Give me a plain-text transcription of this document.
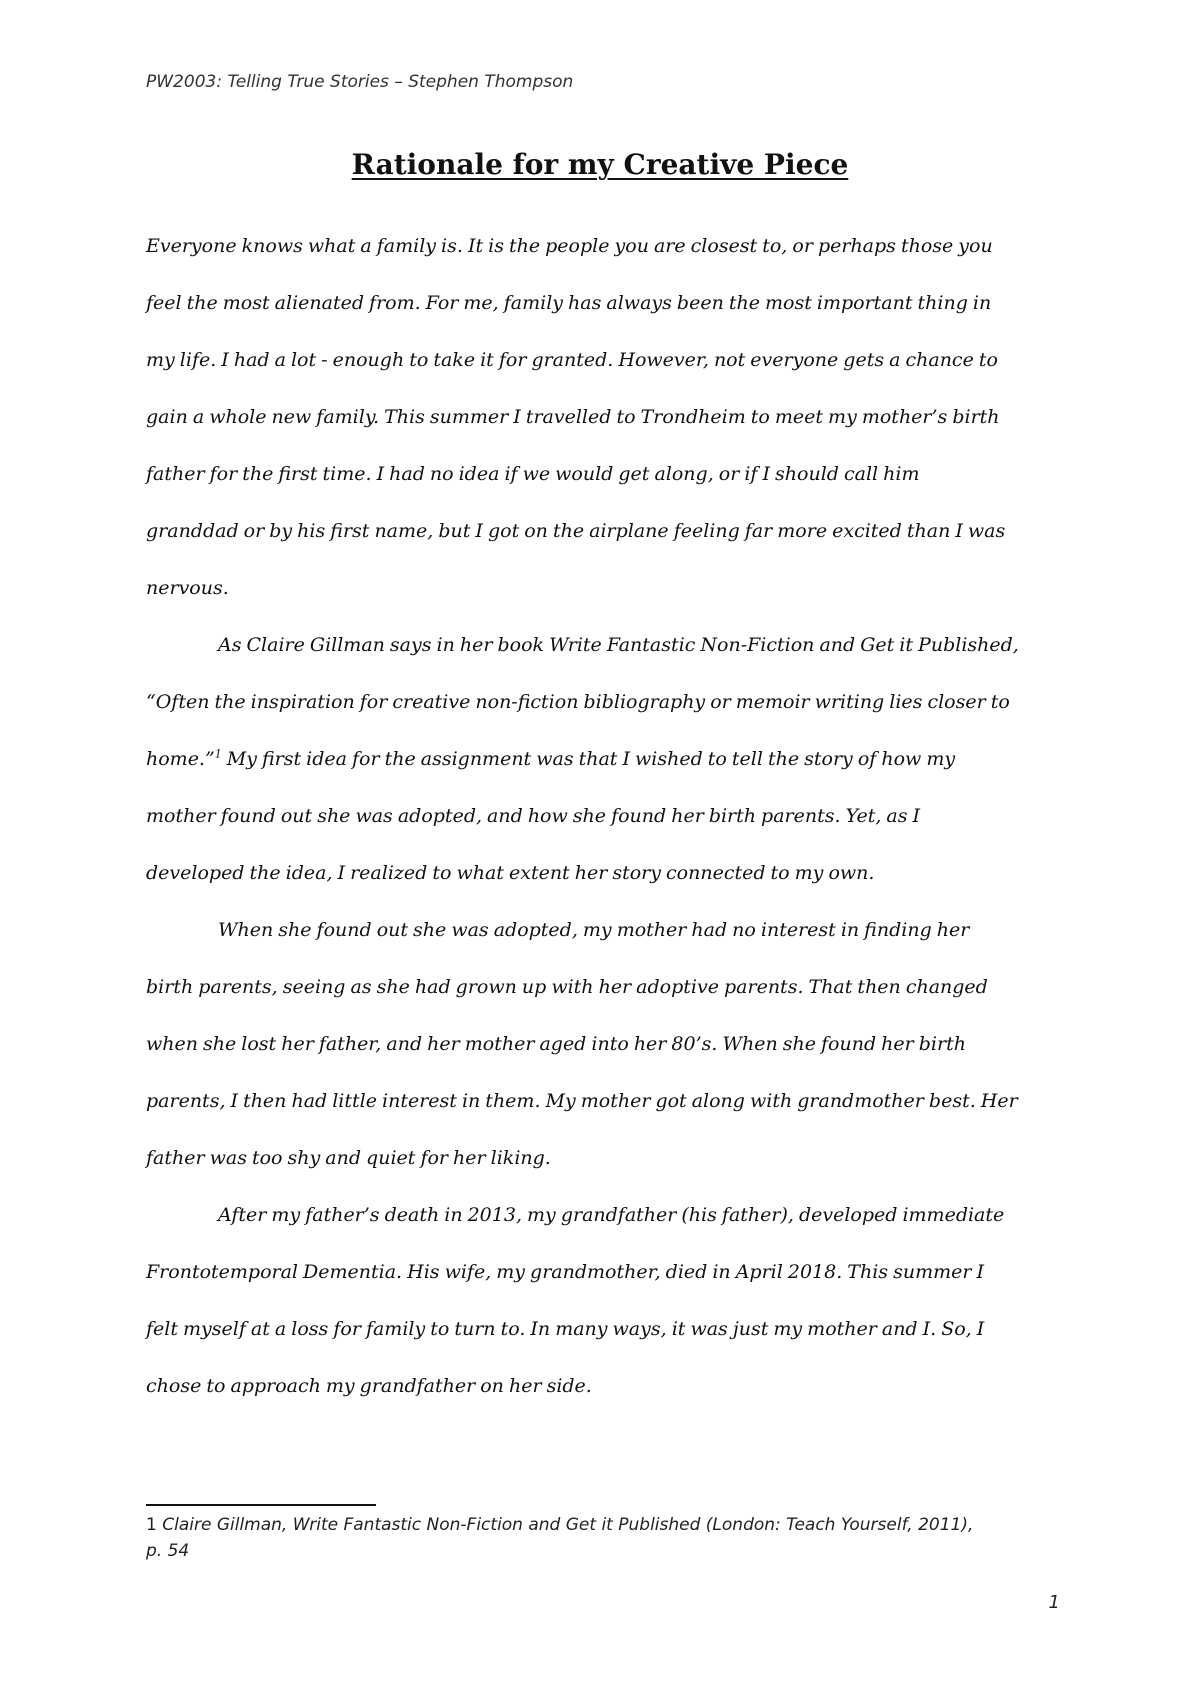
PW2003: Telling True Stories – Stephen Thompson
Rationale for my Creative Piece

Everyone knows what a family is. It is the people you are closest to, or perhaps those you
feel the most alienated from. For me, family has always been the most important thing in
my life. I had a lot - enough to take it for granted. However, not everyone gets a chance to
gain a whole new family. This summer I travelled to Trondheim to meet my mother’s birth
father for the first time. I had no idea if we would get along, or if I should call him
granddad or by his first name, but I got on the airplane feeling far more excited than I was
nervous.

As Claire Gillman says in her book Write Fantastic Non-Fiction and Get it Published,
“Often the inspiration for creative non-fiction bibliography or memoir writing lies closer to
home.”$^1$ My first idea for the assignment was that I wished to tell the story of how my
mother found out she was adopted, and how she found her birth parents. Yet, as I
developed the idea, I realized to what extent her story connected to my own.

When she found out she was adopted, my mother had no interest in finding her
birth parents, seeing as she had grown up with her adoptive parents. That then changed
when she lost her father, and her mother aged into her 80’s. When she found her birth
parents, I then had little interest in them. My mother got along with grandmother best. Her
father was too shy and quiet for her liking.

After my father’s death in 2013, my grandfather (his father), developed immediate
Frontotemporal Dementia. His wife, my grandmother, died in April 2018. This summer I
felt myself at a loss for family to turn to. In many ways, it was just my mother and I. So, I
chose to approach my grandfather on her side.

1 Claire Gillman, Write Fantastic Non-Fiction and Get it Published (London: Teach Yourself, 2011),
p. 54
1
